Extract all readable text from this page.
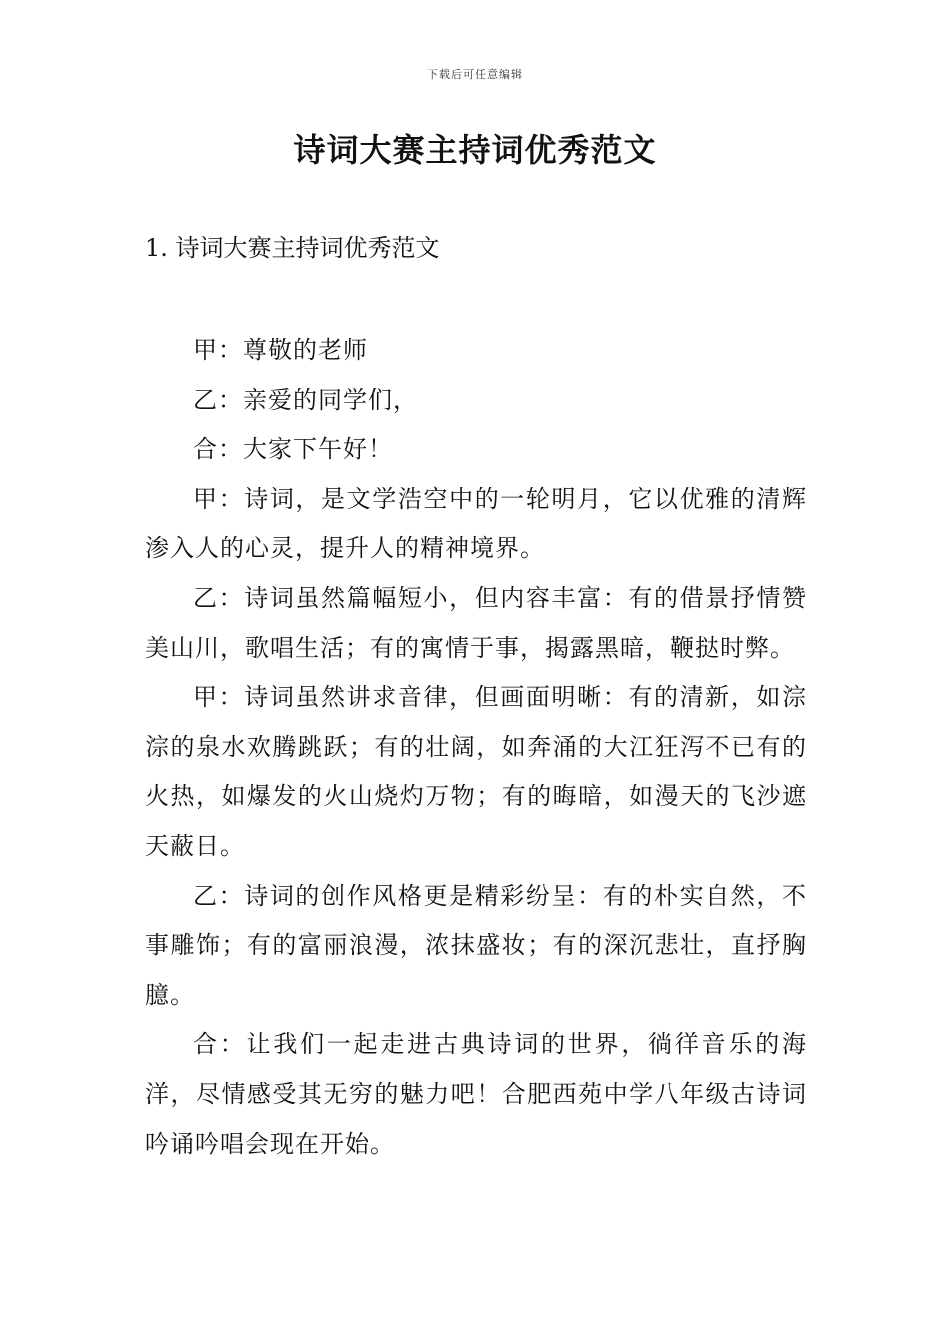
下载后可任意编辑
诗词大赛主持词优秀范文
1. 诗词大赛主持词优秀范文

甲：尊敬的老师

乙：亲爱的同学们，

合：大家下午好！

甲：诗词，是文学浩空中的一轮明月，它以优雅的清辉渗入人的心灵，提升人的精神境界。

乙：诗词虽然篇幅短小，但内容丰富：有的借景抒情赞美山川，歌唱生活；有的寓情于事，揭露黑暗，鞭挞时弊。

甲：诗词虽然讲求音律，但画面明晰：有的清新，如淙淙的泉水欢腾跳跃；有的壮阔，如奔涌的大江狂泻不已有的火热，如爆发的火山烧灼万物；有的晦暗，如漫天的飞沙遮天蔽日。

乙：诗词的创作风格更是精彩纷呈：有的朴实自然，不事雕饰；有的富丽浪漫，浓抹盛妆；有的深沉悲壮，直抒胸臆。

合：让我们一起走进古典诗词的世界，徜徉音乐的海洋，尽情感受其无穷的魅力吧！合肥西苑中学八年级古诗词吟诵吟唱会现在开始。
